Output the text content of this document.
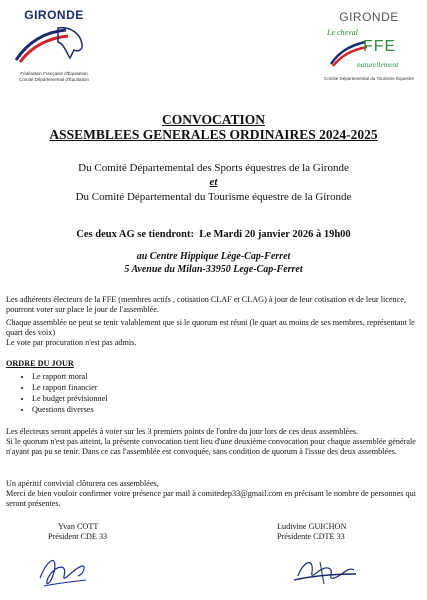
GIRONDE
Fédération Française d'Équitation
Comité Départemental d'Équitation
GIRONDE
Le cheval
FFE
naturellement
Comité Départemental du Tourisme Équestre
CONVOCATION
ASSEMBLEES GENERALES ORDINAIRES 2024-2025
Du Comité Départemental des Sports équestres de la Gironde
et
Du Comité Départemental du Tourisme équestre de la Gironde
Ces deux AG se tiendront: Le Mardi 20 janvier 2026 à 19h00
au Centre Hippique Lège-Cap-Ferret
5 Avenue du Milan-33950 Lege-Cap-Ferret
Les adhérents électeurs de la FFE (membres actifs , cotisation CLAF et CLAG) à jour de leur cotisation et de leur licence, pourront voter sur place le jour de l'assemblée.
Chaque assemblée ne peut se tenir valablement que si le quorum est réuni (le quart au moins de ses membres, représentant le quart des voix)
Le vote par procuration n'est pas admis.
ORDRE DU JOUR
• Le rapport moral
• Le rapport financier
• Le budget prévisionnel
• Questions diverses
Les électeurs seront appelés à voter sur les 3 premiers points de l'ordre du jour lors de ces deux assemblées.
Si le quorum n'est pas atteint, la présente convocation tient lieu d'une deuxième convocation pour chaque assemblée générale n'ayant pas pu se tenir. Dans ce cas l'assemblée est convoquée, sans condition de quorum à l'issue des deux assemblées.
Un apéritif convivial clôturera ces assemblées,
Merci de bien vouloir confirmer votre présence par mail à comitedep33@gmail.com en précisant le nombre de personnes qui seront présentes.
Yvan COTT
Président CDE 33
Ludivine GUICHON
Présidente CDTE 33
